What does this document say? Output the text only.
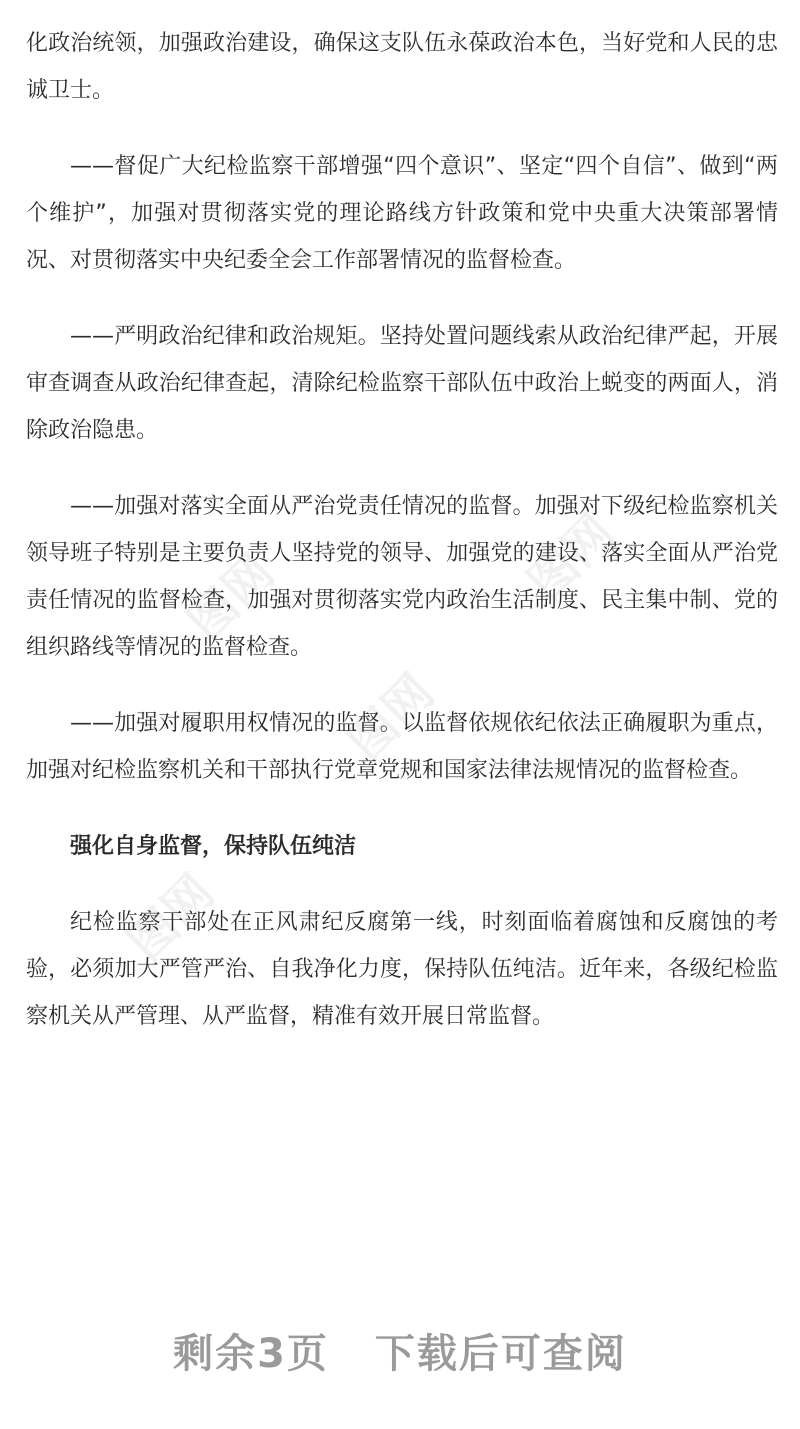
图网	图网
图网
图网

化政治统领，加强政治建设，确保这支队伍永葆政治本色，当好党和人民的忠诚卫士。

——督促广大纪检监察干部增强“四个意识”、坚定“四个自信”、做到“两个维护”，加强对贯彻落实党的理论路线方针政策和党中央重大决策部署情况、对贯彻落实中央纪委全会工作部署情况的监督检查。

——严明政治纪律和政治规矩。坚持处置问题线索从政治纪律严起，开展审查调查从政治纪律查起，清除纪检监察干部队伍中政治上蜕变的两面人，消除政治隐患。

——加强对落实全面从严治党责任情况的监督。加强对下级纪检监察机关领导班子特别是主要负责人坚持党的领导、加强党的建设、落实全面从严治党责任情况的监督检查，加强对贯彻落实党内政治生活制度、民主集中制、党的组织路线等情况的监督检查。

——加强对履职用权情况的监督。以监督依规依纪依法正确履职为重点，加强对纪检监察机关和干部执行党章党规和国家法律法规情况的监督检查。

强化自身监督，保持队伍纯洁

纪检监察干部处在正风肃纪反腐第一线，时刻面临着腐蚀和反腐蚀的考验，必须加大严管严治、自我净化力度，保持队伍纯洁。近年来，各级纪检监察机关从严管理、从严监督，精准有效开展日常监督。

剩余3页 下载后可查阅
